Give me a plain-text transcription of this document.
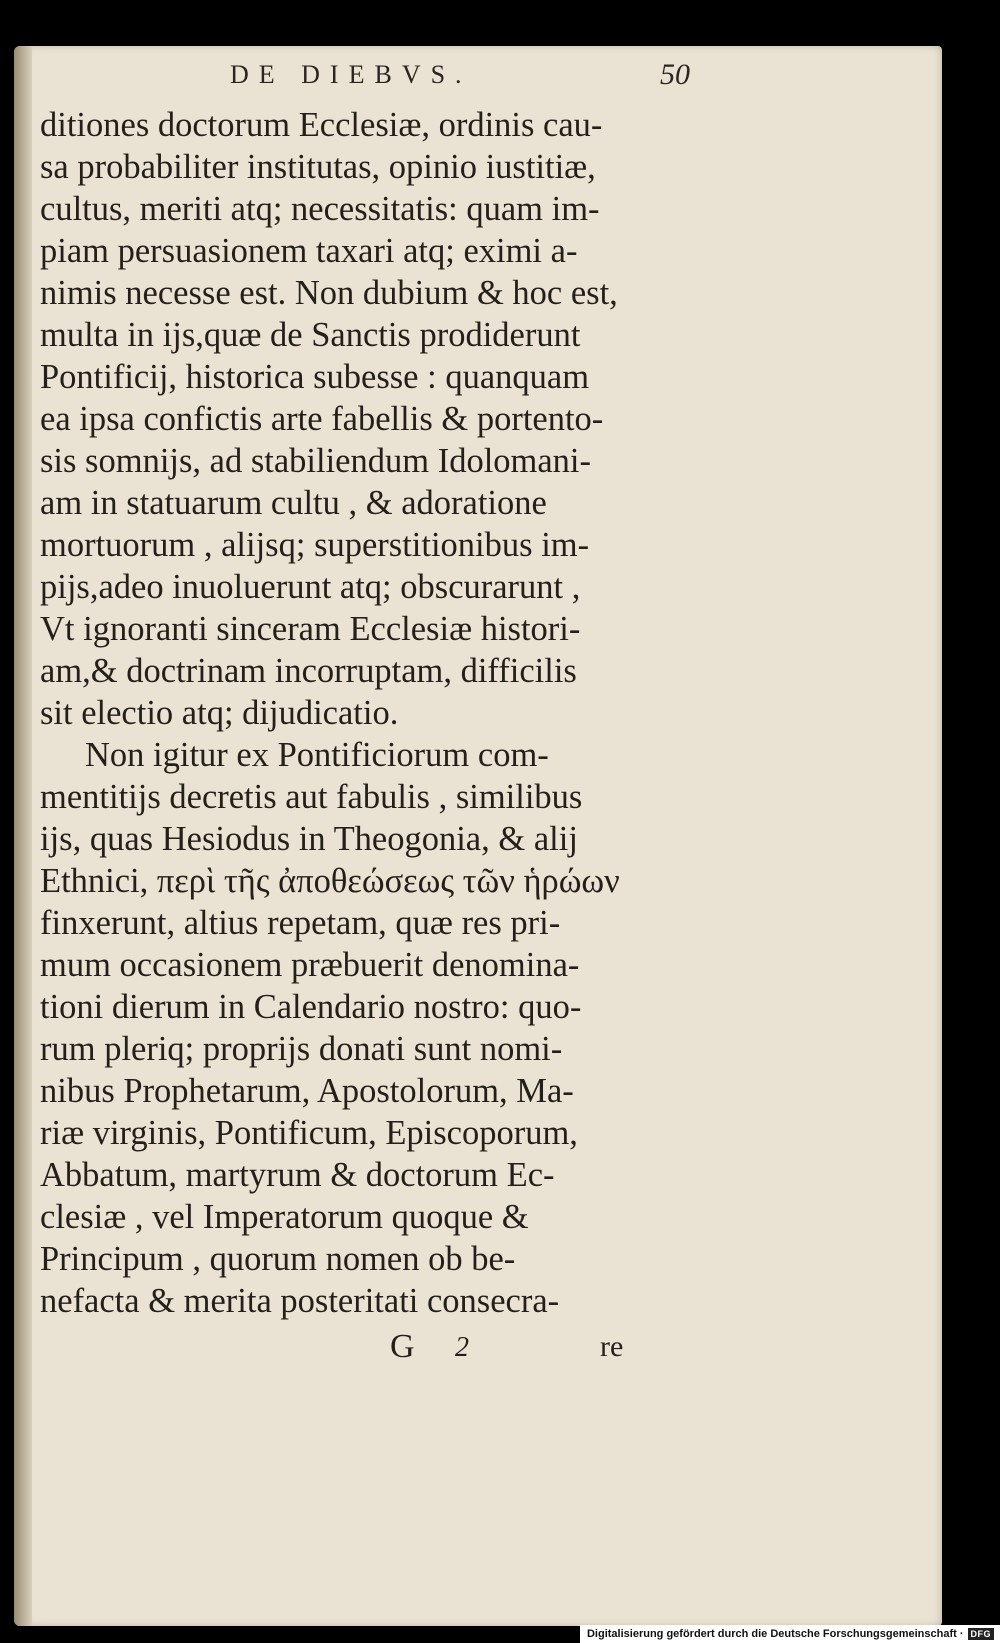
DE DIEBVS.	50
ditiones doctorum Ecclesiæ, ordinis cau-
sa probabiliter institutas, opinio iustitiæ,
cultus, meriti atq; necessitatis: quam im-
piam persuasionem taxari atq; eximi a-
nimis necesse est. Non dubium & hoc est,
multa in ijs,quæ de Sanctis prodiderunt
Pontificij, historica subesse : quanquam
ea ipsa confictis arte fabellis & portento-
sis somnijs, ad stabiliendum Idolomani-
am in statuarum cultu , & adoratione
mortuorum , alijsq; superstitionibus im-
pijs,adeo inuoluerunt atq; obscurarunt ,
Vt ignoranti sinceram Ecclesiæ histori-
am,& doctrinam incorruptam, difficilis
sit electio atq; dijudicatio.
Non igitur ex Pontificiorum com-
mentitijs decretis aut fabulis , similibus
ijs, quas Hesiodus in Theogonia, & alij
Ethnici, περὶ τῆς ἀποθεώσεως τῶν ἡρώων
finxerunt, altius repetam, quæ res pri-
mum occasionem præbuerit denomina-
tioni dierum in Calendario nostro: quo-
rum pleriq; proprijs donati sunt nomi-
nibus Prophetarum, Apostolorum, Ma-
riæ virginis, Pontificum, Episcoporum,
Abbatum, martyrum & doctorum Ec-
clesiæ , vel Imperatorum quoque &
Principum , quorum nomen ob be-
nefacta & merita posteritati consecra-
G 2	re
Digitalisierung gefördert durch die Deutsche Forschungsgemeinschaft · DFG
